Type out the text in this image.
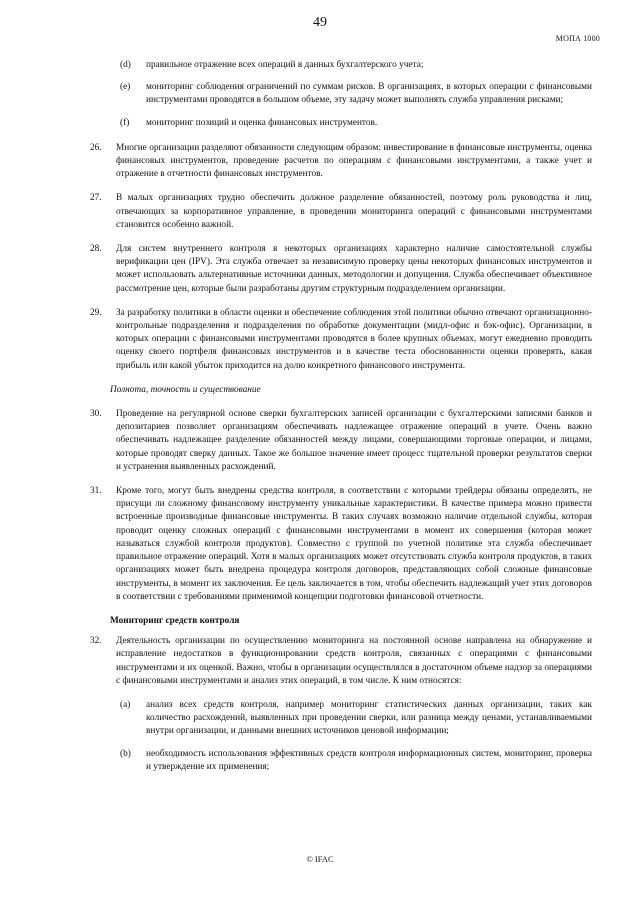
49
МОПА 1000
(d) правильное отражение всех операций в данных бухгалтерского учета;

(e) мониторинг соблюдения ограничений по суммам рисков. В организациях, в которых операции с финансовыми инструментами проводятся в большом объеме, эту задачу может выполнять служба управления рисками;

(f) мониторинг позиций и оценка финансовых инструментов.

26. Многие организации разделяют обязанности следующим образом: инвестирование в финансовые инструменты, оценка финансовых инструментов, проведение расчетов по операциям с финансовыми инструментами, а также учет и отражение в отчетности финансовых инструментов.

27. В малых организациях трудно обеспечить должное разделение обязанностей, поэтому роль руководства и лиц, отвечающих за корпоративное управление, в проведении мониторинга операций с финансовыми инструментами становится особенно важной.

28. Для систем внутреннего контроля в некоторых организациях характерно наличие самостоятельной службы верификации цен (IPV). Эта служба отвечает за независимую проверку цены некоторых финансовых инструментов и может использовать альтернативные источники данных, методологии и допущения. Служба обеспечивает объективное рассмотрение цен, которые были разработаны другим структурным подразделением организации.

29. За разработку политики в области оценки и обеспечение соблюдения этой политики обычно отвечают организационно-контрольные подразделения и подразделения по обработке документации (мидл-офис и бэк-офис). Организации, в которых операции с финансовыми инструментами проводятся в более крупных объемах, могут ежедневно проводить оценку своего портфеля финансовых инструментов и в качестве теста обоснованности оценки проверять, какая прибыль или какой убыток приходится на долю конкретного финансового инструмента.

Полнота, точность и существование
30. Проведение на регулярной основе сверки бухгалтерских записей организации с бухгалтерскими записями банков и депозитариев позволяет организациям обеспечивать надлежащее отражение операций в учете. Очень важно обеспечивать надлежащее разделение обязанностей между лицами, совершающими торговые операции, и лицами, которые проводят сверку данных. Такое же большое значение имеет процесс тщательной проверки результатов сверки и устранения выявленных расхождений.

31. Кроме того, могут быть внедрены средства контроля, в соответствии с которыми трейдеры обязаны определять, не присущи ли сложному финансовому инструменту уникальные характеристики. В качестве примера можно привести встроенные производные финансовые инструменты. В таких случаях возможно наличие отдельной службы, которая проводит оценку сложных операций с финансовыми инструментами в момент их совершения (которая может называться службой контроля продуктов). Совместно с группой по учетной политике эта служба обеспечивает правильное отражение операций. Хотя в малых организациях может отсутствовать служба контроля продуктов, в таких организациях может быть внедрена процедура контроля договоров, представляющих собой сложные финансовые инструменты, в момент их заключения. Ее цель заключается в том, чтобы обеспечить надлежащий учет этих договоров в соответствии с требованиями применимой концепции подготовки финансовой отчетности.

Мониторинг средств контроля
32. Деятельность организации по осуществлению мониторинга на постоянной основе направлена на обнаружение и исправление недостатков в функционировании средств контроля, связанных с операциями с финансовыми инструментами и их оценкой. Важно, чтобы в организации осуществлялся в достаточном объеме надзор за операциями с финансовыми инструментами и анализ этих операций, в том числе. К ним относятся:

(a) анализ всех средств контроля, например мониторинг статистических данных организации, таких как количество расхождений, выявленных при проведении сверки, или разница между ценами, устанавливаемыми внутри организации, и данными внешних источников ценовой информации;

(b) необходимость использования эффективных средств контроля информационных систем, мониторинг, проверка и утверждение их применения;

© IFAC
